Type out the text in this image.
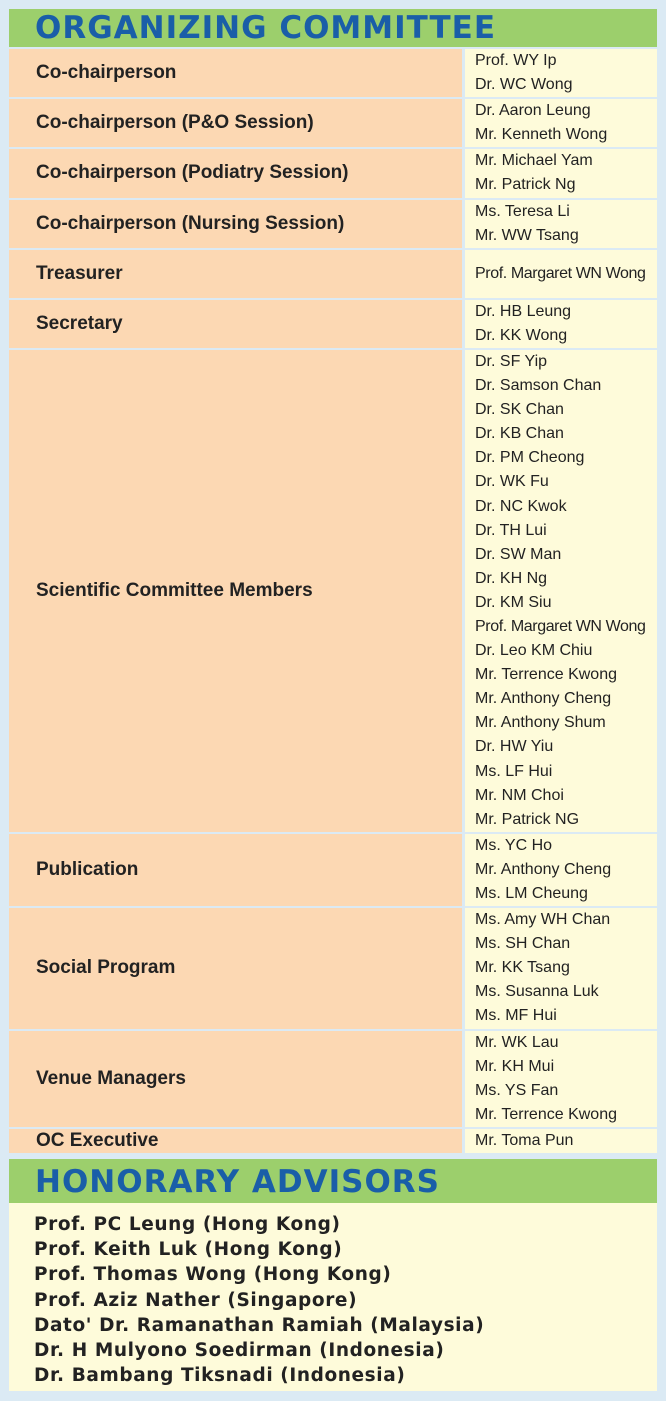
ORGANIZING COMMITTEE
Co-chairperson
Prof. WY Ip
Dr. WC Wong
Co-chairperson (P&O Session)
Dr. Aaron Leung
Mr. Kenneth Wong
Co-chairperson (Podiatry Session)
Mr. Michael Yam
Mr. Patrick Ng
Co-chairperson (Nursing Session)
Ms. Teresa Li
Mr. WW Tsang
Treasurer	Prof. Margaret WN Wong
Secretary
Dr. HB Leung
Dr. KK Wong
Scientific Committee Members
Dr. SF Yip
Dr. Samson Chan
Dr. SK Chan
Dr. KB Chan
Dr. PM Cheong
Dr. WK Fu
Dr. NC Kwok
Dr. TH Lui
Dr. SW Man
Dr. KH Ng
Dr. KM Siu
Prof. Margaret WN Wong
Dr. Leo KM Chiu
Mr. Terrence Kwong
Mr. Anthony Cheng
Mr. Anthony Shum
Dr. HW Yiu
Ms. LF Hui
Mr. NM Choi
Mr. Patrick NG
Publication
Ms. YC Ho
Mr. Anthony Cheng
Ms. LM Cheung
Social Program
Ms. Amy WH Chan
Ms. SH Chan
Mr. KK Tsang
Ms. Susanna Luk
Ms. MF Hui
Venue Managers
Mr. WK Lau
Mr. KH Mui
Ms. YS Fan
Mr. Terrence Kwong
OC Executive	Mr. Toma Pun
HONORARY ADVISORS
Prof. PC Leung (Hong Kong)
Prof. Keith Luk (Hong Kong)
Prof. Thomas Wong (Hong Kong)
Prof. Aziz Nather (Singapore)
Dato' Dr. Ramanathan Ramiah (Malaysia)
Dr. H Mulyono Soedirman (Indonesia)
Dr. Bambang Tiksnadi (Indonesia)
